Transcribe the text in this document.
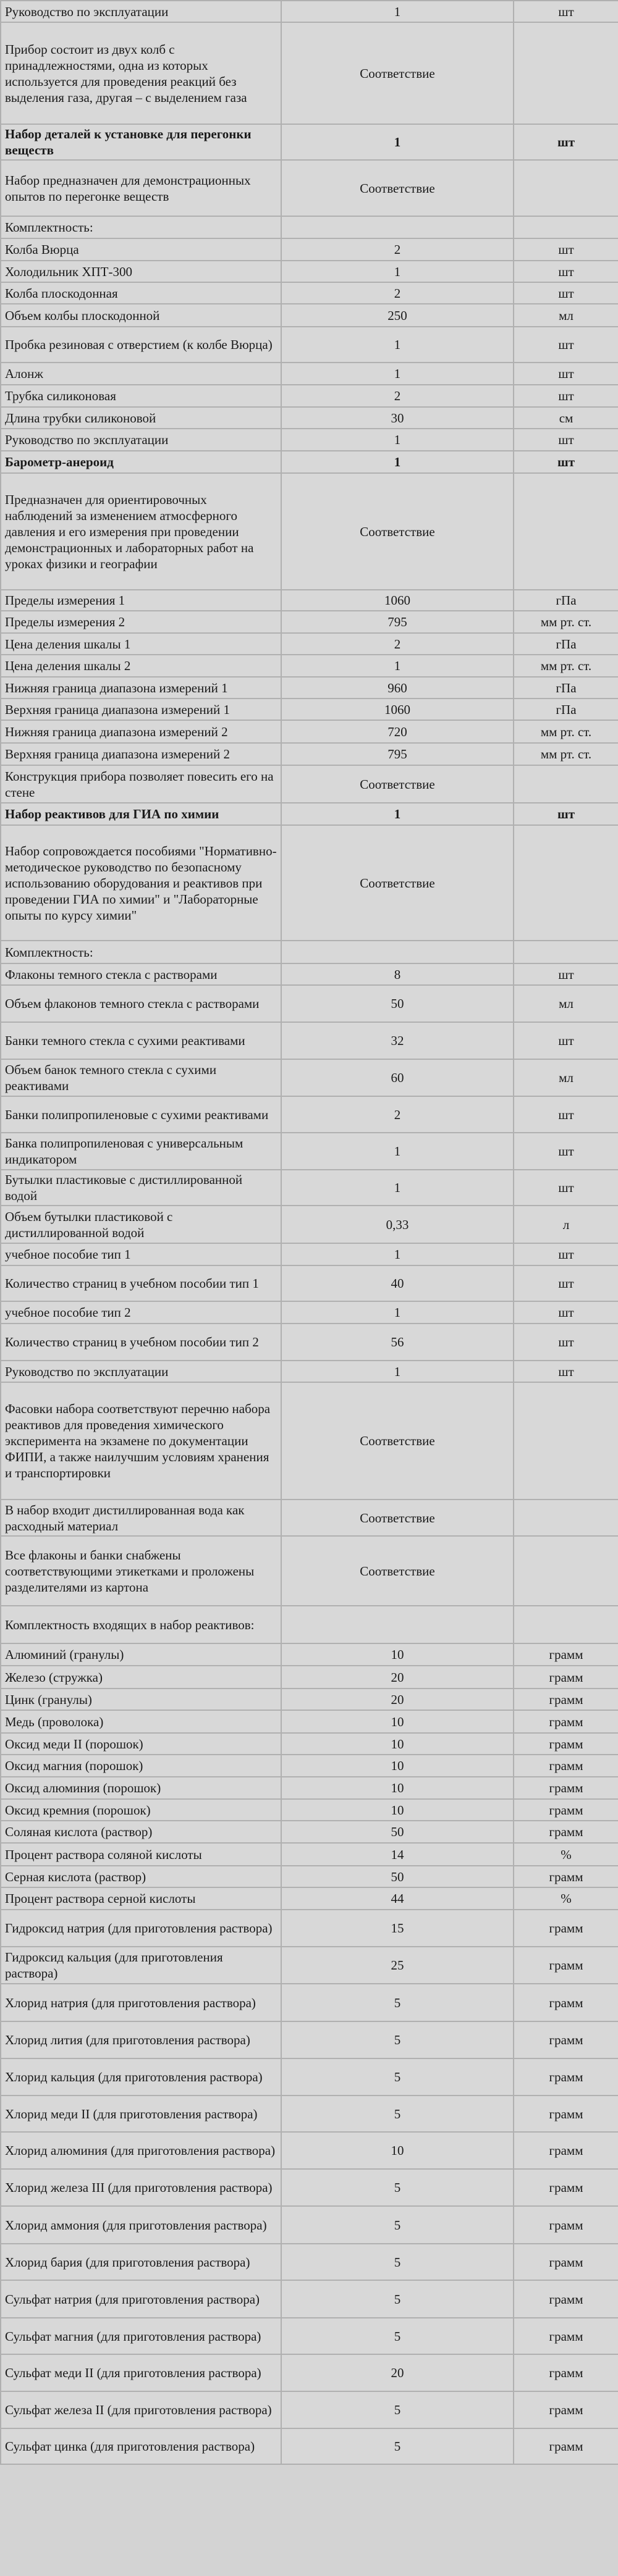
Руководство по эксплуатации	1	шт
Прибор состоит из двух колб с принадлежностями, одна из которых используется для проведения реакций без выделения газа, другая – с выделением газа	Соответствие	
Набор деталей к установке для перегонки веществ	1	шт
Набор предназначен для демонстрационных опытов по перегонке веществ	Соответствие	
Комплектность:		
Колба Вюрца	2	шт
Холодильник ХПТ-300	1	шт
Колба плоскодонная	2	шт
Объем колбы плоскодонной	250	мл
Пробка резиновая с отверстием (к колбе Вюрца)	1	шт
Алонж	1	шт
Трубка силиконовая	2	шт
Длина трубки силиконовой	30	см
Руководство по эксплуатации	1	шт
Барометр-анероид	1	шт
Предназначен для ориентировочных наблюдений за изменением атмосферного давления и его измерения при проведении демонстрационных и лабораторных работ на уроках физики и географии	Соответствие	
Пределы измерения 1	1060	гПа
Пределы измерения 2	795	мм рт. ст.
Цена деления шкалы 1	2	гПа
Цена деления шкалы 2	1	мм рт. ст.
Нижняя граница диапазона измерений 1	960	гПа
Верхняя граница диапазона измерений 1	1060	гПа
Нижняя граница диапазона измерений 2	720	мм рт. ст.
Верхняя граница диапазона измерений 2	795	мм рт. ст.
Конструкция прибора позволяет повесить его на стене	Соответствие	
Набор реактивов для ГИА по химии	1	шт
Набор сопровождается пособиями "Нормативно-методическое руководство по безопасному использованию оборудования и реактивов при проведении ГИА по химии" и "Лабораторные опыты по курсу химии"	Соответствие	
Комплектность:		
Флаконы темного стекла с растворами	8	шт
Объем флаконов темного стекла с растворами	50	мл
Банки темного стекла с сухими реактивами	32	шт
Объем банок темного стекла с сухими реактивами	60	мл
Банки полипропиленовые с сухими реактивами	2	шт
Банка полипропиленовая с универсальным индикатором	1	шт
Бутылки пластиковые с дистиллированной водой	1	шт
Объем бутылки пластиковой с дистиллированной водой	0,33	л
учебное пособие тип 1	1	шт
Количество страниц в учебном пособии тип 1	40	шт
учебное пособие тип 2	1	шт
Количество страниц в учебном пособии тип 2	56	шт
Руководство по эксплуатации	1	шт
Фасовки набора соответствуют перечню набора реактивов для проведения химического эксперимента на экзамене по документации ФИПИ, а также наилучшим условиям хранения и транспортировки	Соответствие	
В набор входит дистиллированная вода как расходный материал	Соответствие	
Все флаконы и банки снабжены соответствующими этикетками и проложены разделителями из картона	Соответствие	
Комплектность входящих в набор реактивов:		
Алюминий (гранулы)	10	грамм
Железо (стружка)	20	грамм
Цинк (гранулы)	20	грамм
Медь (проволока)	10	грамм
Оксид меди II (порошок)	10	грамм
Оксид магния (порошок)	10	грамм
Оксид алюминия (порошок)	10	грамм
Оксид кремния (порошок)	10	грамм
Соляная кислота (раствор)	50	грамм
Процент раствора соляной кислоты	14	%
Серная кислота (раствор)	50	грамм
Процент раствора серной кислоты	44	%
Гидроксид натрия (для приготовления раствора)	15	грамм
Гидроксид кальция (для приготовления раствора)	25	грамм
Хлорид натрия (для приготовления раствора)	5	грамм
Хлорид лития (для приготовления раствора)	5	грамм
Хлорид кальция (для приготовления раствора)	5	грамм
Хлорид меди II (для приготовления раствора)	5	грамм
Хлорид алюминия (для приготовления раствора)	10	грамм
Хлорид железа III (для приготовления раствора)	5	грамм
Хлорид аммония (для приготовления раствора)	5	грамм
Хлорид бария (для приготовления раствора)	5	грамм
Сульфат натрия (для приготовления раствора)	5	грамм
Сульфат магния (для приготовления раствора)	5	грамм
Сульфат меди II (для приготовления раствора)	20	грамм
Сульфат железа II (для приготовления раствора)	5	грамм
Сульфат цинка (для приготовления раствора)	5	грамм
